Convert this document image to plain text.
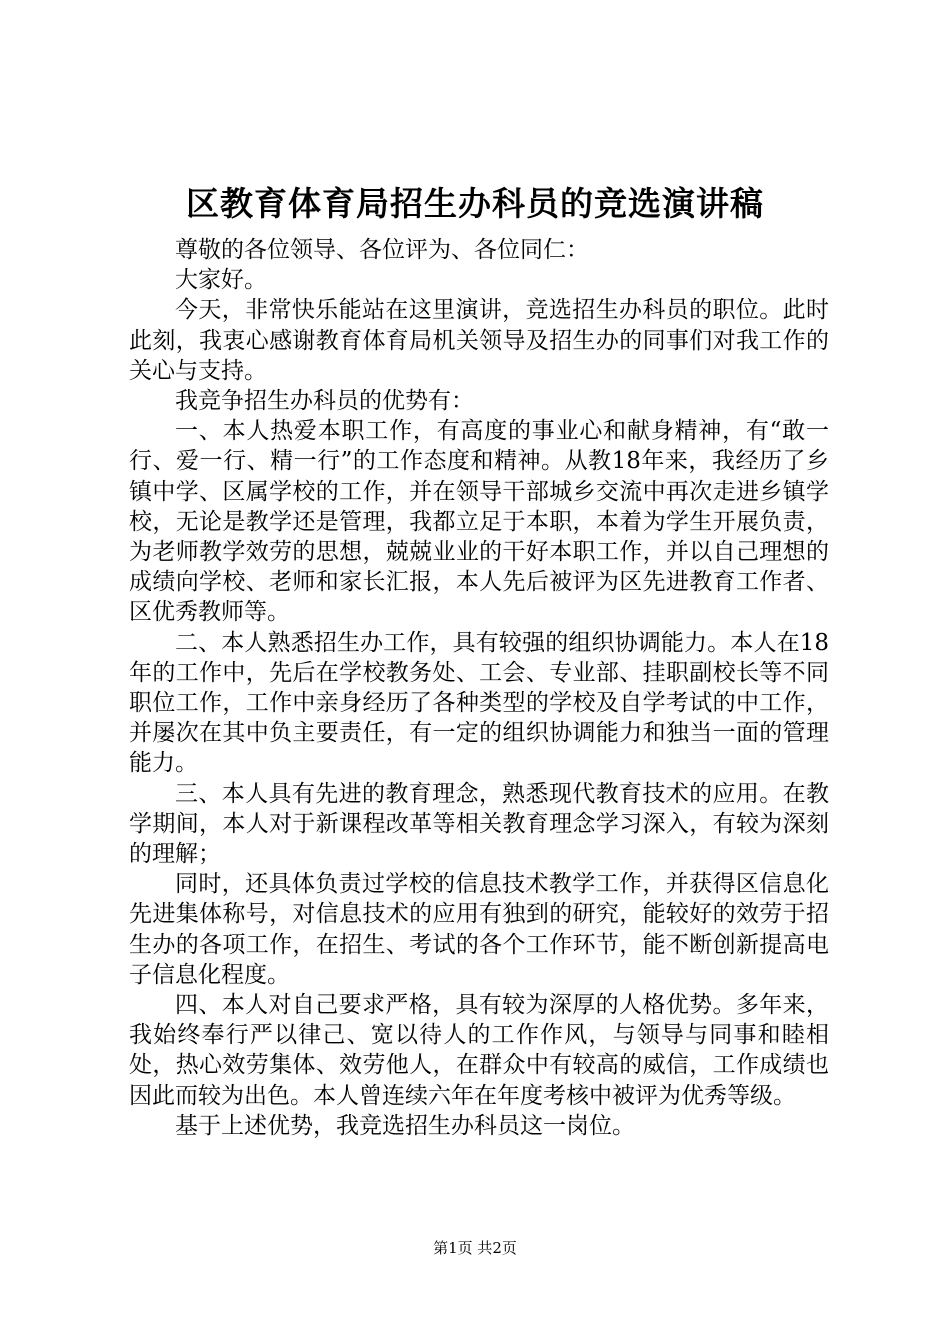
区教育体育局招生办科员的竞选演讲稿

尊敬的各位领导、各位评为、各位同仁：

大家好。

今天，非常快乐能站在这里演讲，竞选招生办科员的职位。此时此刻，我衷心感谢教育体育局机关领导及招生办的同事们对我工作的关心与支持。

我竞争招生办科员的优势有：

一、本人热爱本职工作，有高度的事业心和献身精神，有“敢一行、爱一行、精一行”的工作态度和精神。从教18年来，我经历了乡镇中学、区属学校的工作，并在领导干部城乡交流中再次走进乡镇学校，无论是教学还是管理，我都立足于本职，本着为学生开展负责，为老师教学效劳的思想，兢兢业业的干好本职工作，并以自己理想的成绩向学校、老师和家长汇报，本人先后被评为区先进教育工作者、区优秀教师等。

二、本人熟悉招生办工作，具有较强的组织协调能力。本人在18年的工作中，先后在学校教务处、工会、专业部、挂职副校长等不同职位工作，工作中亲身经历了各种类型的学校及自学考试的中工作，并屡次在其中负主要责任，有一定的组织协调能力和独当一面的管理能力。

三、本人具有先进的教育理念，熟悉现代教育技术的应用。在教学期间，本人对于新课程改革等相关教育理念学习深入，有较为深刻的理解；

同时，还具体负责过学校的信息技术教学工作，并获得区信息化先进集体称号，对信息技术的应用有独到的研究，能较好的效劳于招生办的各项工作，在招生、考试的各个工作环节，能不断创新提高电子信息化程度。

四、本人对自己要求严格，具有较为深厚的人格优势。多年来，我始终奉行严以律己、宽以待人的工作作风，与领导与同事和睦相处，热心效劳集体、效劳他人，在群众中有较高的威信，工作成绩也因此而较为出色。本人曾连续六年在年度考核中被评为优秀等级。

基于上述优势，我竞选招生办科员这一岗位。

第1页 共2页
